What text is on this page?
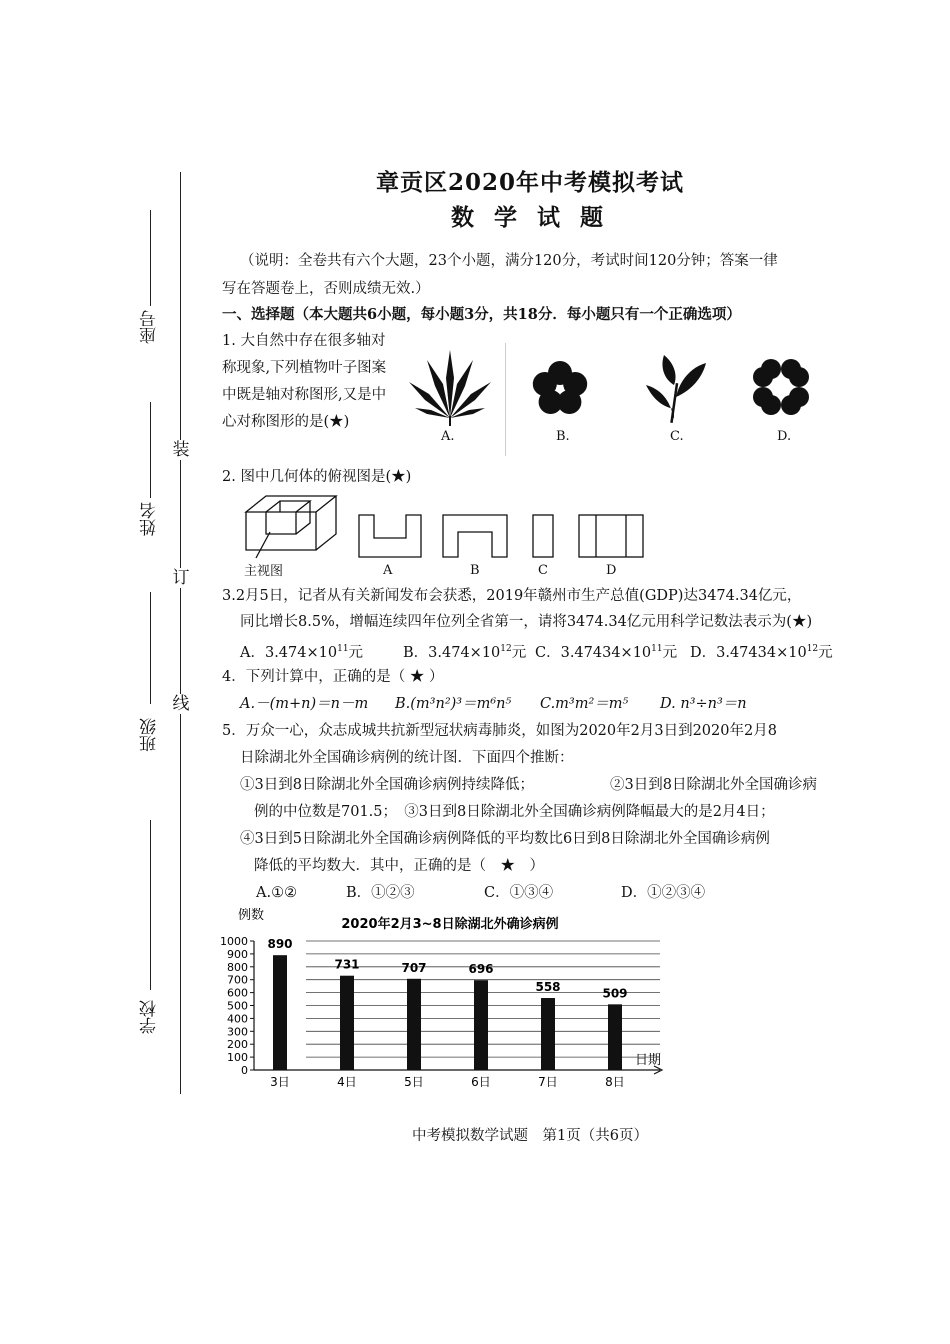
座号
姓名
班级
学校
装
订
线
章贡区2020年中考模拟考试
数 学 试 题
（说明：全卷共有六个大题，23个小题，满分120分，考试时间120分钟；答案一律
写在答题卷上，否则成绩无效.）
一、选择题（本大题共6小题，每小题3分，共18分．每小题只有一个正确选项）
1. 大自然中存在很多轴对称现象,下列植物叶子图案中既是轴对称图形,又是中心对称图形的是(★)
A.	B.	C.	D.
2. 图中几何体的俯视图是(★)
主视图	A	B	C	D
3.2月5日，记者从有关新闻发布会获悉，2019年赣州市生产总值(GDP)达3474.34亿元，
同比增长8.5%，增幅连续四年位列全省第一，请将3474.34亿元用科学记数法表示为(★)
A．$3.474\times 10^{11}$元	B．$3.474\times 10^{12}$元 C．$3.47434\times 10^{11}$元 D．$3.47434\times 10^{12}$元
4．下列计算中，正确的是（ ★ ）
A.－(m+n)＝n－m B.(m³n²)³＝m⁶n⁵ C.m³m²＝m⁵ D. n³÷n³＝n
5．万众一心，众志成城共抗新型冠状病毒肺炎，如图为2020年2月3日到2020年2月8
日除湖北外全国确诊病例的统计图．下面四个推断：
①3日到8日除湖北外全国确诊病例持续降低；	②3日到8日除湖北外全国确诊病
例的中位数是701.5；　③3日到8日除湖北外全国确诊病例降幅最大的是2月4日；
④3日到5日除湖北外全国确诊病例降低的平均数比6日到8日除湖北外全国确诊病例
降低的平均数大．其中，正确的是（　★　）
A.①②	B．①②③	C．①③④	D．①②③④
例数
2020年2月3~8日除湖北外确诊病例
日期
0
100
200
300
400
500
600
700
800
900
1000 890
3日
731
4日
707
5日
696
6日
558
7日
509
8日
中考模拟数学试题　第1页（共6页）
